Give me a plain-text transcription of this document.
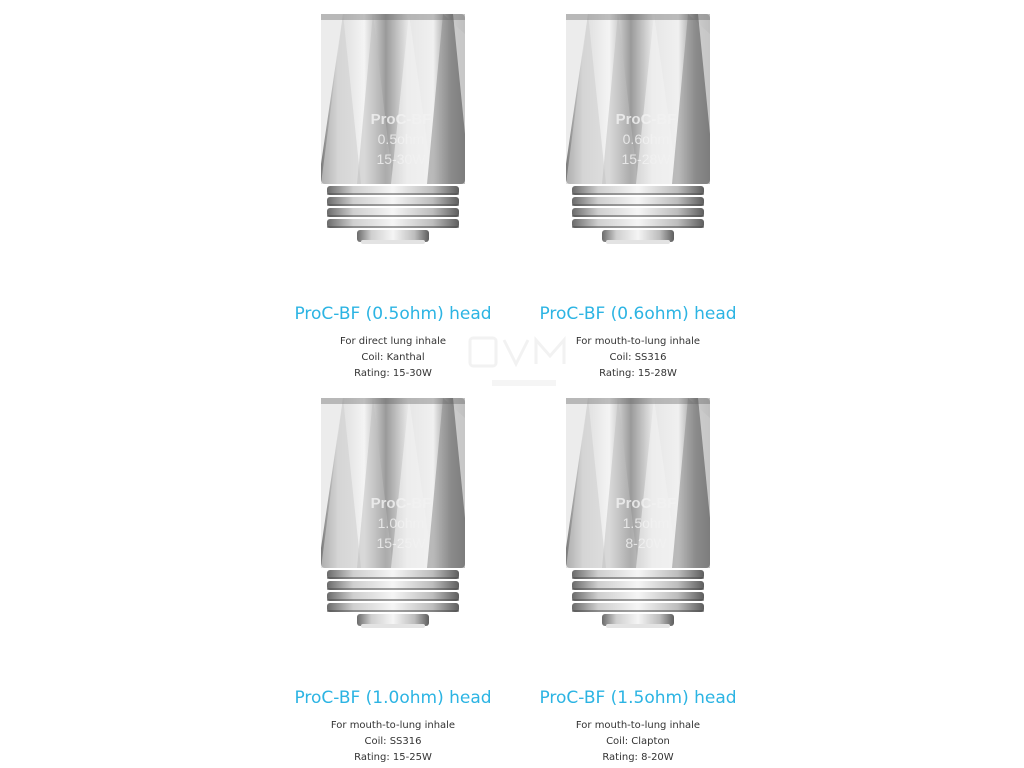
ProC-BF
0.5ohm
15-30W
ProC-BF (0.5ohm) head
For direct lung inhale
Coil: Kanthal
Rating: 15-30W
ProC-BF
0.6ohm
15-28W
ProC-BF (0.6ohm) head
For mouth-to-lung inhale
Coil: SS316
Rating: 15-28W
ProC-BF
1.0ohm
15-25W
ProC-BF (1.0ohm) head
For mouth-to-lung inhale
Coil: SS316
Rating: 15-25W
ProC-BF
1.5ohm
8-20W
ProC-BF (1.5ohm) head
For mouth-to-lung inhale
Coil: Clapton
Rating: 8-20W
